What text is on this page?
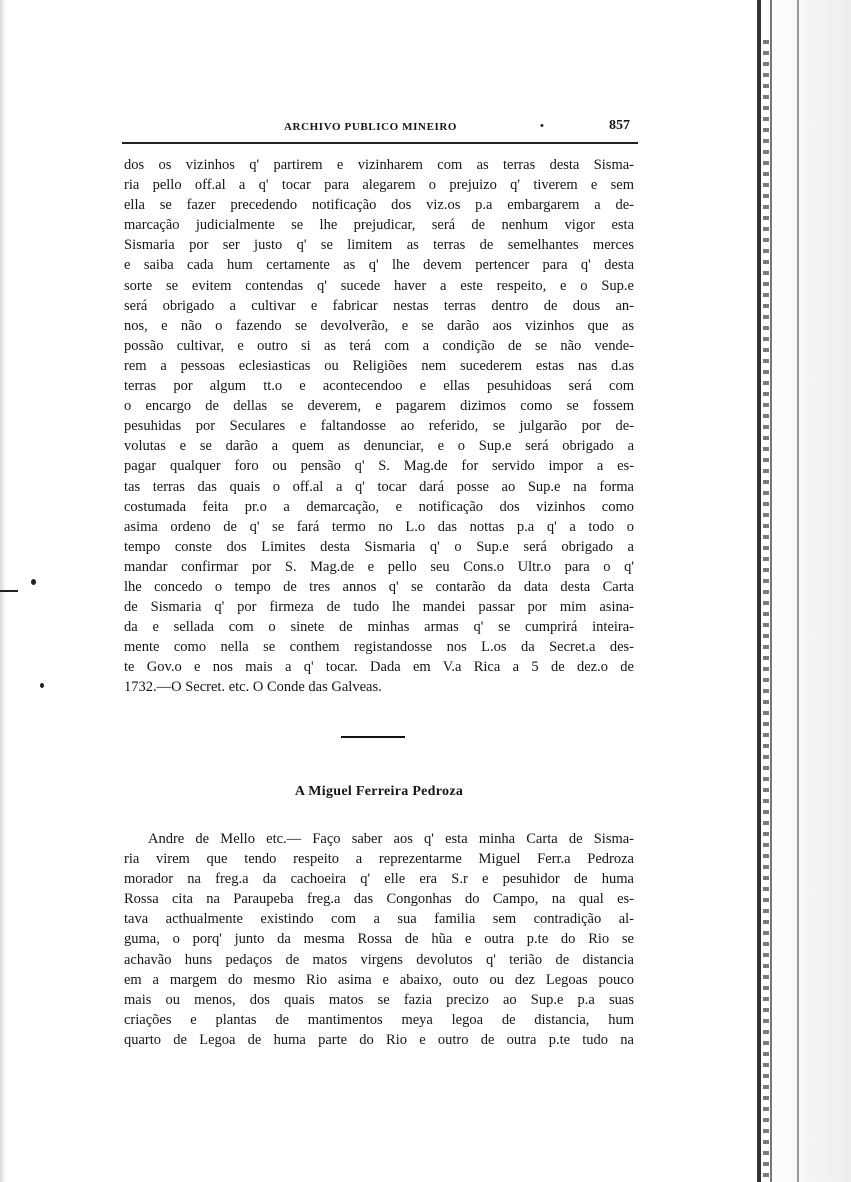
ARCHIVO PUBLICO MINEIRO	•	857

dos os vizinhos q' partirem e vizinharem com as terras desta Sisma-

ria pello off.al a q' tocar para alegarem o prejuizo q' tiverem e sem

ella se fazer precedendo notificação dos viz.os p.a embargarem a de-

marcação judicialmente se lhe prejudicar, será de nenhum vigor esta

Sismaria por ser justo q' se limitem as terras de semelhantes merces

e saiba cada hum certamente as q' lhe devem pertencer para q' desta

sorte se evitem contendas q' sucede haver a este respeito, e o Sup.e

será obrigado a cultivar e fabricar nestas terras dentro de dous an-

nos, e não o fazendo se devolverão, e se darão aos vizinhos que as

possão cultivar, e outro si as terá com a condição de se não vende-

rem a pessoas eclesiasticas ou Religiões nem sucederem estas nas d.as

terras por algum tt.o e acontecendoo e ellas pesuhidoas será com

o encargo de dellas se deverem, e pagarem dizimos como se fossem

pesuhidas por Seculares e faltandosse ao referido, se julgarão por de-

volutas e se darão a quem as denunciar, e o Sup.e será obrigado a

pagar qualquer foro ou pensão q' S. Mag.de for servido impor a es-

tas terras das quais o off.al a q' tocar dará posse ao Sup.e na forma

costumada feita pr.o a demarcação, e notificação dos vizinhos como

asima ordeno de q' se fará termo no L.o das nottas p.a q' a todo o

tempo conste dos Limites desta Sismaria q' o Sup.e será obrigado a

mandar confirmar por S. Mag.de e pello seu Cons.o Ultr.o para o q'

lhe concedo o tempo de tres annos q' se contarão da data desta Carta

de Sismaria q' por firmeza de tudo lhe mandei passar por mim asina-

da e sellada com o sinete de minhas armas q' se cumprirá inteira-

mente como nella se conthem registandosse nos L.os da Secret.a des-

te Gov.o e nos mais a q' tocar. Dada em V.a Rica a 5 de dez.o de

1732.—O Secret. etc. O Conde das Galveas.

A Miguel Ferreira Pedroza

Andre de Mello etc.— Faço saber aos q' esta minha Carta de Sisma-

ria virem que tendo respeito a reprezentarme Miguel Ferr.a Pedroza

morador na freg.a da cachoeira q' elle era S.r e pesuhidor de huma

Rossa cita na Paraupeba freg.a das Congonhas do Campo, na qual es-

tava acthualmente existindo com a sua familia sem contradição al-

guma, o porq' junto da mesma Rossa de hũa e outra p.te do Rio se

achavão huns pedaços de matos virgens devolutos q' terião de distancia

em a margem do mesmo Rio asima e abaixo, outo ou dez Legoas pouco

mais ou menos, dos quais matos se fazia precizo ao Sup.e p.a suas

criações e plantas de mantimentos meya legoa de distancia, hum

quarto de Legoa de huma parte do Rio e outro de outra p.te tudo na
